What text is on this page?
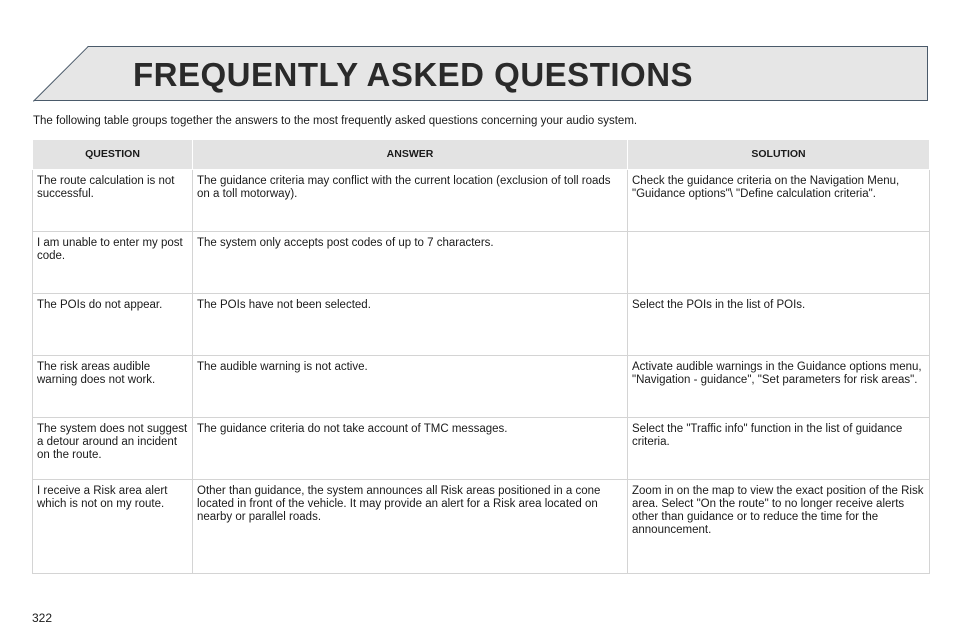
FREQUENTLY ASKED QUESTIONS
The following table groups together the answers to the most frequently asked questions concerning your audio system.
QUESTION	ANSWER	SOLUTION
The route calculation is not successful.	The guidance criteria may conflict with the current location (exclusion of toll roads on a toll motorway).	Check the guidance criteria on the Navigation Menu, "Guidance options"\ "Define calculation criteria".
I am unable to enter my post code.	The system only accepts post codes of up to 7 characters.	
The POIs do not appear.	The POIs have not been selected.	Select the POIs in the list of POIs.
The risk areas audible warning does not work.	The audible warning is not active.	Activate audible warnings in the Guidance options menu, "Navigation - guidance", "Set parameters for risk areas".
The system does not suggest a detour around an incident on the route.	The guidance criteria do not take account of TMC messages.	Select the "Traffic info" function in the list of guidance criteria.
I receive a Risk area alert which is not on my route.	Other than guidance, the system announces all Risk areas positioned in a cone located in front of the vehicle. It may provide an alert for a Risk area located on nearby or parallel roads.	Zoom in on the map to view the exact position of the Risk area. Select "On the route" to no longer receive alerts other than guidance or to reduce the time for the announcement.
322
